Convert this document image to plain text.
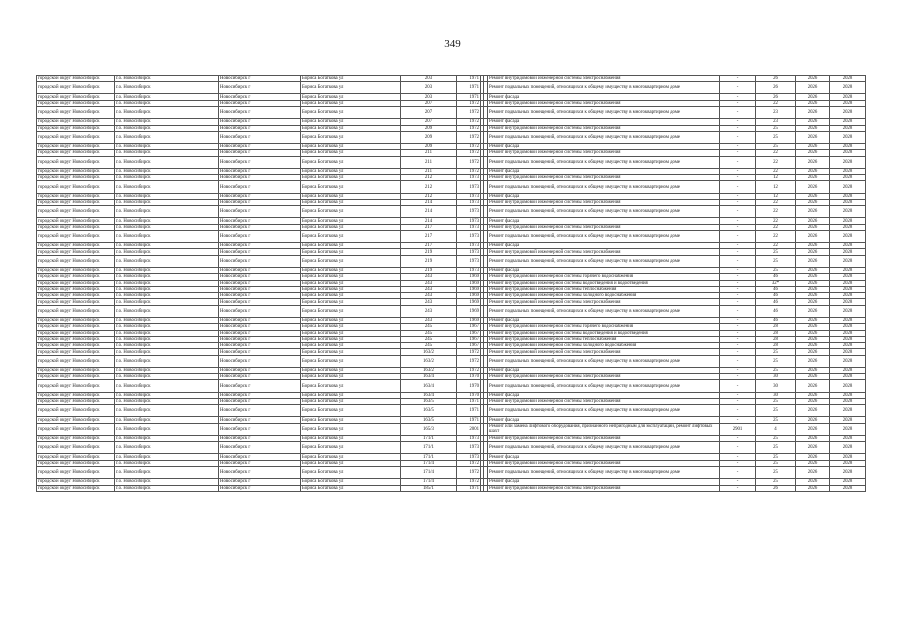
349
городской округ Новосибирск	г.о. Новосибирск	Новосибирск г	Бориса Богаткова ул	203	1971			Ремонт внутридомовой инженерной системы электроснабжения	-	26	2026	2028
городской округ Новосибирск	г.о. Новосибирск	Новосибирск г	Бориса Богаткова ул	203	1971			Ремонт подвальных помещений, относящихся к общему имуществу в многоквартирном доме	-	26	2026	2028
городской округ Новосибирск	г.о. Новосибирск	Новосибирск г	Бориса Богаткова ул	203	1971			Ремонт фасада	-	26	2026	2028
городской округ Новосибирск	г.о. Новосибирск	Новосибирск г	Бориса Богаткова ул	207	1972			Ремонт внутридомовой инженерной системы электроснабжения	-	22	2026	2028
городской округ Новосибирск	г.о. Новосибирск	Новосибирск г	Бориса Богаткова ул	207	1972			Ремонт подвальных помещений, относящихся к общему имуществу в многоквартирном доме	-	23	2026	2028
городской округ Новосибирск	г.о. Новосибирск	Новосибирск г	Бориса Богаткова ул	207	1972			Ремонт фасада	-	23	2026	2028
городской округ Новосибирск	г.о. Новосибирск	Новосибирск г	Бориса Богаткова ул	209	1972			Ремонт внутридомовой инженерной системы электроснабжения	-	25	2026	2028
городской округ Новосибирск	г.о. Новосибирск	Новосибирск г	Бориса Богаткова ул	209	1972			Ремонт подвальных помещений, относящихся к общему имуществу в многоквартирном доме	-	25	2026	2028
городской округ Новосибирск	г.о. Новосибирск	Новосибирск г	Бориса Богаткова ул	209	1972			Ремонт фасада	-	25	2026	2028
городской округ Новосибирск	г.о. Новосибирск	Новосибирск г	Бориса Богаткова ул	211	1972			Ремонт внутридомовой инженерной системы электроснабжения	-	22	2026	2028
городской округ Новосибирск	г.о. Новосибирск	Новосибирск г	Бориса Богаткова ул	211	1972			Ремонт подвальных помещений, относящихся к общему имуществу в многоквартирном доме	-	22	2026	2028
городской округ Новосибирск	г.о. Новосибирск	Новосибирск г	Бориса Богаткова ул	211	1972			Ремонт фасада	-	22	2026	2028
городской округ Новосибирск	г.о. Новосибирск	Новосибирск г	Бориса Богаткова ул	212	1973			Ремонт внутридомовой инженерной системы электроснабжения	-	12	2026	2028
городской округ Новосибирск	г.о. Новосибирск	Новосибирск г	Бориса Богаткова ул	212	1973			Ремонт подвальных помещений, относящихся к общему имуществу в многоквартирном доме	-	12	2026	2028
городской округ Новосибирск	г.о. Новосибирск	Новосибирск г	Бориса Богаткова ул	212	1973			Ремонт фасада	-	12	2026	2028
городской округ Новосибирск	г.о. Новосибирск	Новосибирск г	Бориса Богаткова ул	214	1973			Ремонт внутридомовой инженерной системы электроснабжения	-	22	2026	2028
городской округ Новосибирск	г.о. Новосибирск	Новосибирск г	Бориса Богаткова ул	214	1973			Ремонт подвальных помещений, относящихся к общему имуществу в многоквартирном доме	-	22	2026	2028
городской округ Новосибирск	г.о. Новосибирск	Новосибирск г	Бориса Богаткова ул	214	1973			Ремонт фасада	-	22	2026	2028
городской округ Новосибирск	г.о. Новосибирск	Новосибирск г	Бориса Богаткова ул	217	1973			Ремонт внутридомовой инженерной системы электроснабжения	-	22	2026	2028
городской округ Новосибирск	г.о. Новосибирск	Новосибирск г	Бориса Богаткова ул	217	1973			Ремонт подвальных помещений, относящихся к общему имуществу в многоквартирном доме	-	22	2026	2028
городской округ Новосибирск	г.о. Новосибирск	Новосибирск г	Бориса Богаткова ул	217	1973			Ремонт фасада	-	22	2026	2028
городской округ Новосибирск	г.о. Новосибирск	Новосибирск г	Бориса Богаткова ул	219	1973			Ремонт внутридомовой инженерной системы электроснабжения	-	25	2026	2028
городской округ Новосибирск	г.о. Новосибирск	Новосибирск г	Бориса Богаткова ул	219	1973			Ремонт подвальных помещений, относящихся к общему имуществу в многоквартирном доме	-	25	2026	2028
городской округ Новосибирск	г.о. Новосибирск	Новосибирск г	Бориса Богаткова ул	219	1973			Ремонт фасада	-	25	2026	2028
городской округ Новосибирск	г.о. Новосибирск	Новосибирск г	Бориса Богаткова ул	243	1969			Ремонт внутридомовой инженерной системы горячего водоснабжения	-	46	2026	2028
городской округ Новосибирск	г.о. Новосибирск	Новосибирск г	Бориса Богаткова ул	243	1969			Ремонт внутридомовой инженерной системы водоотведения и водоотведения	-	32*	2026	2028
городской округ Новосибирск	г.о. Новосибирск	Новосибирск г	Бориса Богаткова ул	243	1969			Ремонт внутридомовой инженерной системы теплоснабжения	-	46	2026	2028
городской округ Новосибирск	г.о. Новосибирск	Новосибирск г	Бориса Богаткова ул	243	1969			Ремонт внутридомовой инженерной системы холодного водоснабжения	-	46	2026	2028
городской округ Новосибирск	г.о. Новосибирск	Новосибирск г	Бориса Богаткова ул	243	1969			Ремонт внутридомовой инженерной системы электроснабжения	-	46	2026	2028
городской округ Новосибирск	г.о. Новосибирск	Новосибирск г	Бориса Богаткова ул	243	1969			Ремонт подвальных помещений, относящихся к общему имуществу в многоквартирном доме	-	46	2026	2028
городской округ Новосибирск	г.о. Новосибирск	Новосибирск г	Бориса Богаткова ул	243	1969			Ремонт фасада	-	46	2026	2028
городской округ Новосибирск	г.о. Новосибирск	Новосибирск г	Бориса Богаткова ул	245	1967			Ремонт внутридомовой инженерной системы горячего водоснабжения	-	28	2026	2028
городской округ Новосибирск	г.о. Новосибирск	Новосибирск г	Бориса Богаткова ул	245	1967			Ремонт внутридомовой инженерной системы водоотведения и водоотведения	-	28	2026	2028
городской округ Новосибирск	г.о. Новосибирск	Новосибирск г	Бориса Богаткова ул	245	1967			Ремонт внутридомовой инженерной системы теплоснабжения	-	28	2026	2028
городской округ Новосибирск	г.о. Новосибирск	Новосибирск г	Бориса Богаткова ул	245	1967			Ремонт внутридомовой инженерной системы холодного водоснабжения	-	28	2026	2028
городской округ Новосибирск	г.о. Новосибирск	Новосибирск г	Бориса Богаткова ул	163/2	1972			Ремонт внутридомовой инженерной системы электроснабжения	-	25	2026	2028
городской округ Новосибирск	г.о. Новосибирск	Новосибирск г	Бориса Богаткова ул	163/2	1972			Ремонт подвальных помещений, относящихся к общему имуществу в многоквартирном доме	-	25	2026	2028
городской округ Новосибирск	г.о. Новосибирск	Новосибирск г	Бориса Богаткова ул	163/2	1972			Ремонт фасада	-	25	2026	2028
городской округ Новосибирск	г.о. Новосибирск	Новосибирск г	Бориса Богаткова ул	163/4	1970			Ремонт внутридомовой инженерной системы электроснабжения	-	30	2026	2028
городской округ Новосибирск	г.о. Новосибирск	Новосибирск г	Бориса Богаткова ул	163/4	1970			Ремонт подвальных помещений, относящихся к общему имуществу в многоквартирном доме	-	30	2026	2028
городской округ Новосибирск	г.о. Новосибирск	Новосибирск г	Бориса Богаткова ул	163/4	1970			Ремонт фасада	-	30	2026	2028
городской округ Новосибирск	г.о. Новосибирск	Новосибирск г	Бориса Богаткова ул	163/5	1971			Ремонт внутридомовой инженерной системы электроснабжения	-	25	2026	2028
городской округ Новосибирск	г.о. Новосибирск	Новосибирск г	Бориса Богаткова ул	163/5	1971			Ремонт подвальных помещений, относящихся к общему имуществу в многоквартирном доме	-	25	2026	2028
городской округ Новосибирск	г.о. Новосибирск	Новосибирск г	Бориса Богаткова ул	163/5	1971			Ремонт фасада	-	25	2026	2028
городской округ Новосибирск	г.о. Новосибирск	Новосибирск г	Бориса Богаткова ул	165/3	2001			Ремонт или замена лифтового оборудования, признанного непригодным для эксплуатации, ремонт лифтовых шахт	2901	4	2026	2028
городской округ Новосибирск	г.о. Новосибирск	Новосибирск г	Бориса Богаткова ул	171/1	1973			Ремонт внутридомовой инженерной системы электроснабжения	-	25	2026	2028
городской округ Новосибирск	г.о. Новосибирск	Новосибирск г	Бориса Богаткова ул	171/1	1973			Ремонт подвальных помещений, относящихся к общему имуществу в многоквартирном доме	-	25	2026	2028
городской округ Новосибирск	г.о. Новосибирск	Новосибирск г	Бориса Богаткова ул	171/1	1973			Ремонт фасада	-	25	2026	2028
городской округ Новосибирск	г.о. Новосибирск	Новосибирск г	Бориса Богаткова ул	171/4	1972			Ремонт внутридомовой инженерной системы электроснабжения	-	25	2026	2028
городской округ Новосибирск	г.о. Новосибирск	Новосибирск г	Бориса Богаткова ул	171/4	1972			Ремонт подвальных помещений, относящихся к общему имуществу в многоквартирном доме	-	25	2026	2028
городской округ Новосибирск	г.о. Новосибирск	Новосибирск г	Бориса Богаткова ул	171/4	1972			Ремонт фасада	-	25	2026	2028
городской округ Новосибирск	г.о. Новосибирск	Новосибирск г	Бориса Богаткова ул	185/1	1971			Ремонт внутридомовой инженерной системы электроснабжения	-	26	2026	2028
